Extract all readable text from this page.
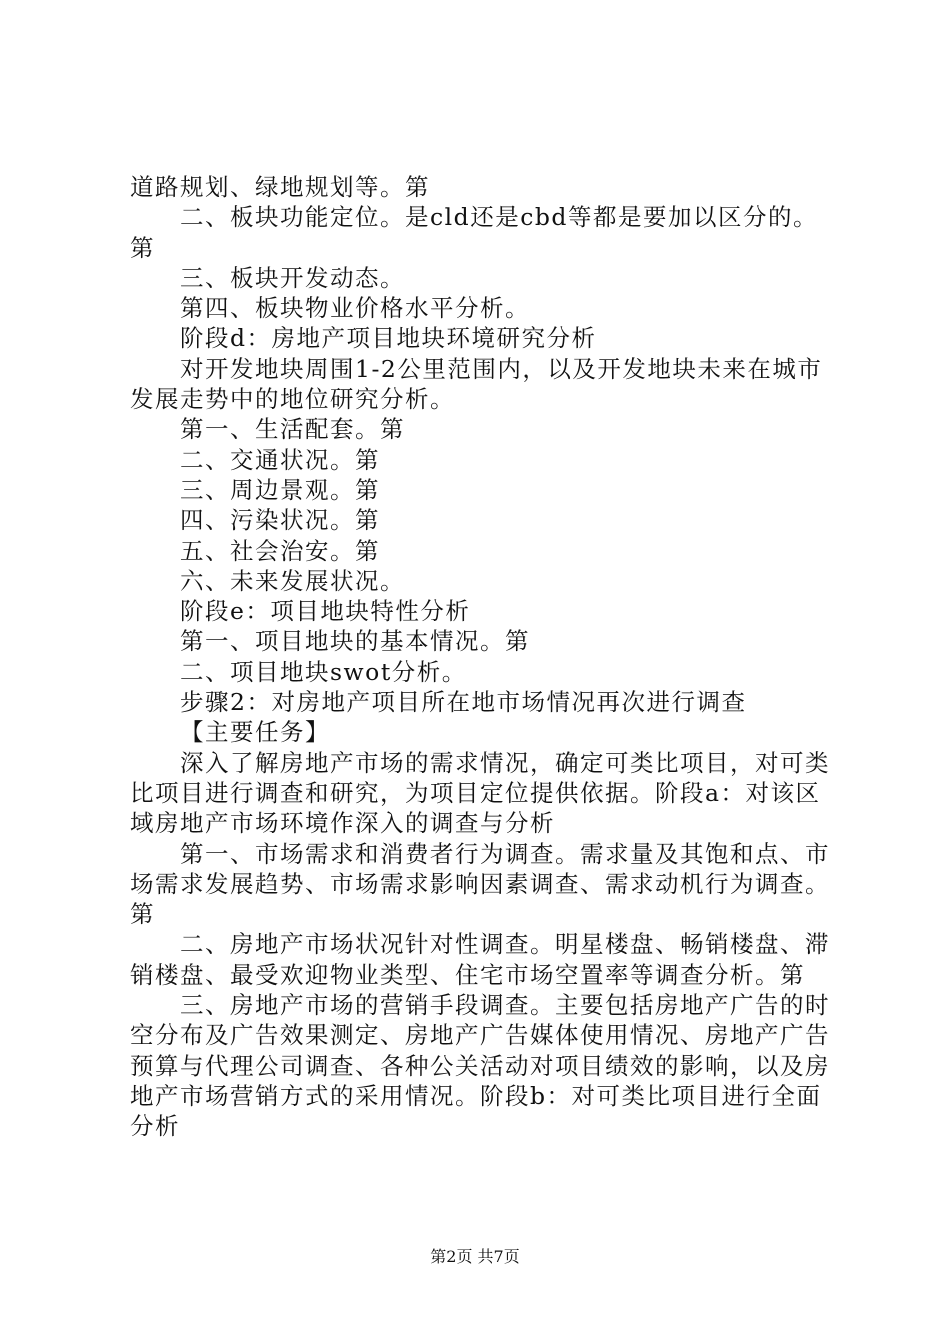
道路规划、绿地规划等。第

二、板块功能定位。是cld还是cbd等都是要加以区分的。第

三、板块开发动态。

第四、板块物业价格水平分析。

阶段d：房地产项目地块环境研究分析

对开发地块周围1-2公里范围内，以及开发地块未来在城市发展走势中的地位研究分析。

第一、生活配套。第

二、交通状况。第

三、周边景观。第

四、污染状况。第

五、社会治安。第

六、未来发展状况。

阶段e：项目地块特性分析

第一、项目地块的基本情况。第

二、项目地块swot分析。

步骤2：对房地产项目所在地市场情况再次进行调查

【主要任务】

深入了解房地产市场的需求情况，确定可类比项目，对可类比项目进行调查和研究，为项目定位提供依据。阶段a：对该区域房地产市场环境作深入的调查与分析

第一、市场需求和消费者行为调查。需求量及其饱和点、市场需求发展趋势、市场需求影响因素调查、需求动机行为调查。第

二、房地产市场状况针对性调查。明星楼盘、畅销楼盘、滞销楼盘、最受欢迎物业类型、住宅市场空置率等调查分析。第

三、房地产市场的营销手段调查。主要包括房地产广告的时空分布及广告效果测定、房地产广告媒体使用情况、房地产广告预算与代理公司调查、各种公关活动对项目绩效的影响，以及房地产市场营销方式的采用情况。阶段b：对可类比项目进行全面分析

第2页 共7页
